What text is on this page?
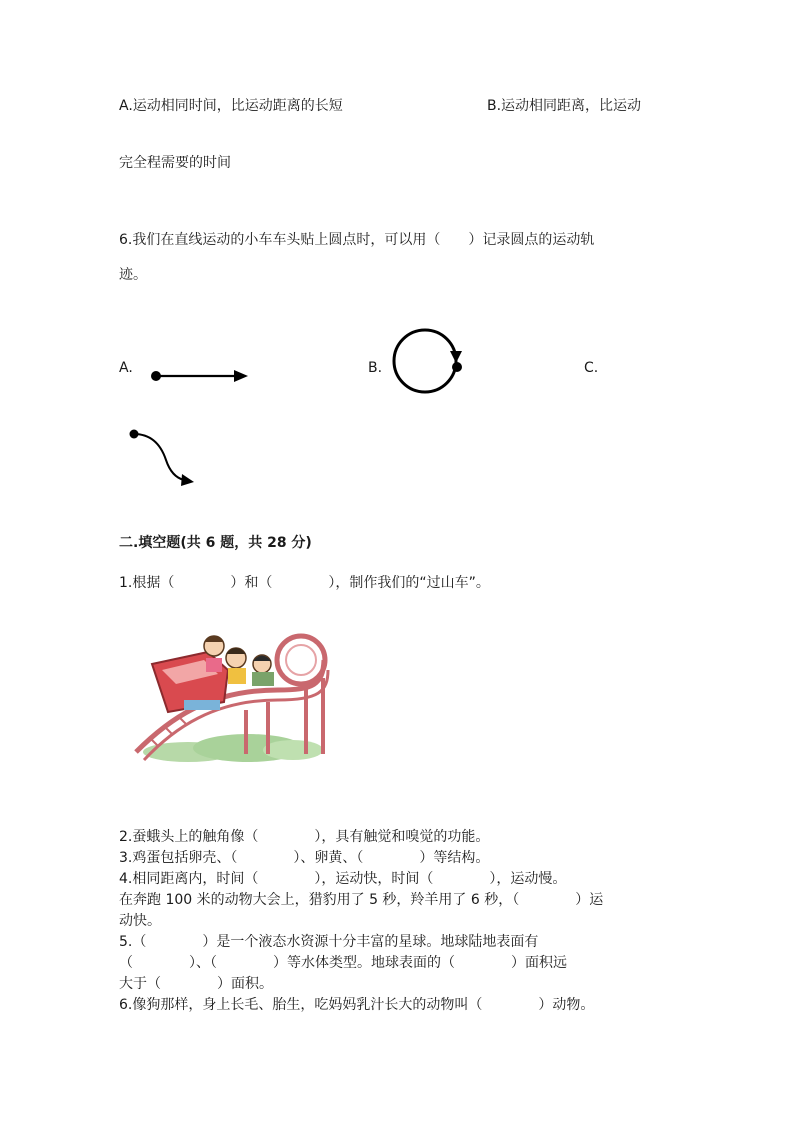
A.运动相同时间，比运动距离的长短	B.运动相同距离，比运动
完全程需要的时间
6.我们在直线运动的小车车头贴上圆点时，可以用（　　）记录圆点的运动轨
迹。
A.	B.	C.
二.填空题(共 6 题，共 28 分)
1.根据（　　　　）和（　　　　），制作我们的“过山车”。
2.蚕蛾头上的触角像（　　　　），具有触觉和嗅觉的功能。
3.鸡蛋包括卵壳、（　　　　）、卵黄、（　　　　）等结构。
4.相同距离内，时间（　　　　），运动快，时间（　　　　），运动慢。
在奔跑 100 米的动物大会上，猎豹用了 5 秒，羚羊用了 6 秒，（　　　　）运
动快。
5.（　　　　）是一个液态水资源十分丰富的星球。地球陆地表面有
（　　　　）、（　　　　）等水体类型。地球表面的（　　　　）面积远
大于（　　　　）面积。
6.像狗那样，身上长毛、胎生，吃妈妈乳汁长大的动物叫（　　　　）动物。
